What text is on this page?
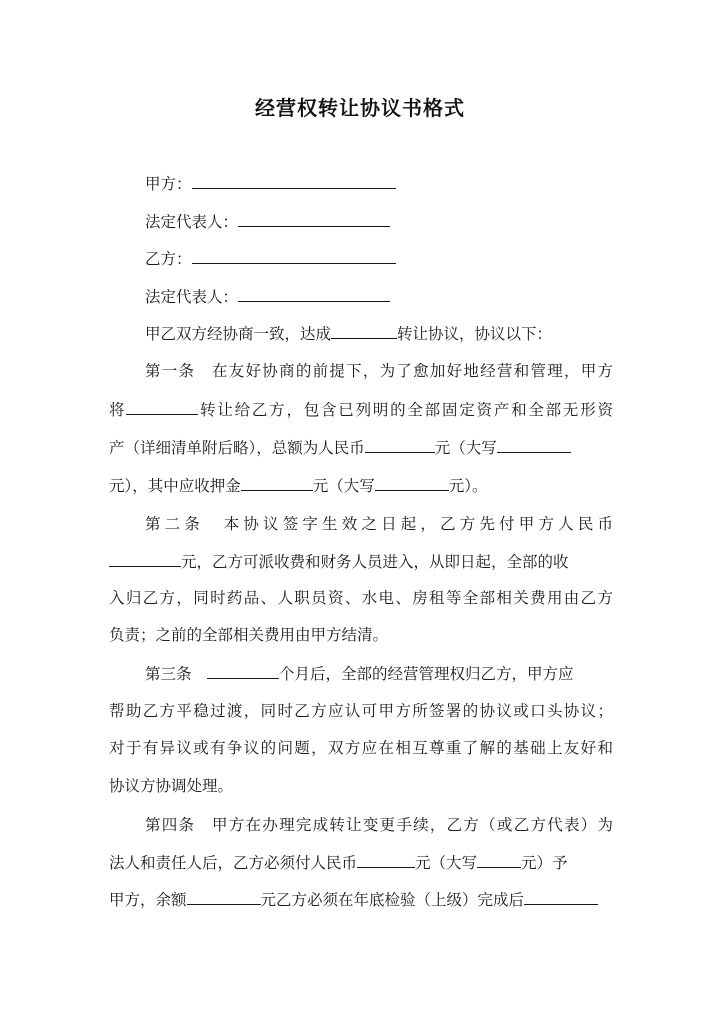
经营权转让协议书格式
甲方：
法定代表人：
乙方：
法定代表人：
甲乙双方经协商一致，达成	转让协议，协议以下：
第一条　在友好协商的前提下，为了愈加好地经营和管理，甲方
将	转让给乙方，包含已列明的全部固定资产和全部无形资
产（详细清单附后略），总额为人民币	元（大写
元），其中应收押金	元（大写	元）。
第二条　本协议签字生效之日起，乙方先付甲方人民币
元，乙方可派收费和财务人员进入，从即日起，全部的收
入归乙方，同时药品、人职员资、水电、房租等全部相关费用由乙方
负责；之前的全部相关费用由甲方结清。
第三条　	个月后，全部的经营管理权归乙方，甲方应
帮助乙方平稳过渡，同时乙方应认可甲方所签署的协议或口头协议；
对于有异议或有争议的问题，双方应在相互尊重了解的基础上友好和
协议方协调处理。
第四条　甲方在办理完成转让变更手续，乙方（或乙方代表）为
法人和责任人后，乙方必须付人民币	元（大写	元）予
甲方，余额	元乙方必须在年底检验（上级）完成后
